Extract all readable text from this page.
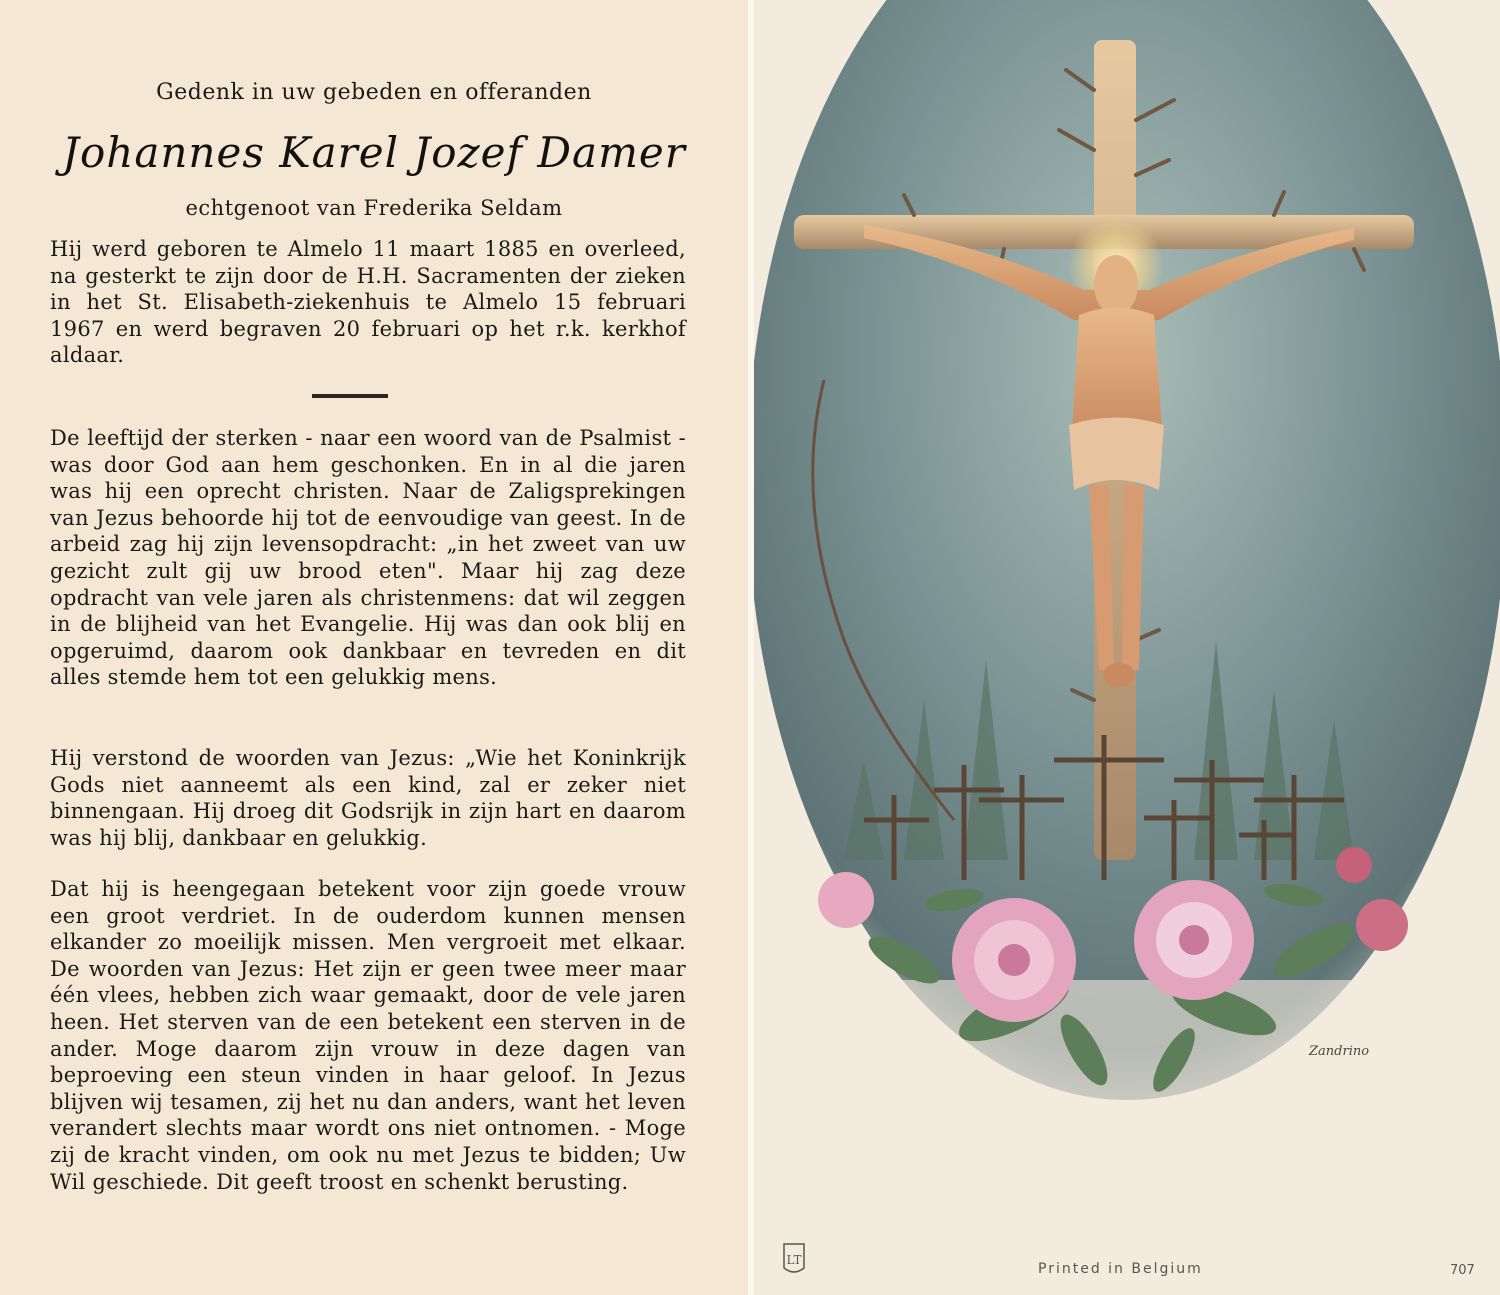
Gedenk in uw gebeden en offeranden
Johannes Karel Jozef Damer
echtgenoot van Frederika Seldam
Hij werd geboren te Almelo 11 maart 1885 en overleed, na gesterkt te zijn door de H.H. Sacramenten der zieken in het St. Elisabeth-ziekenhuis te Almelo 15 februari 1967 en werd begraven 20 februari op het r.k. kerkhof aldaar.
De leeftijd der sterken - naar een woord van de Psalmist - was door God aan hem geschonken. En in al die jaren was hij een oprecht christen. Naar de Zaligsprekingen van Jezus behoorde hij tot de eenvoudige van geest. In de arbeid zag hij zijn levensopdracht: „in het zweet van uw gezicht zult gij uw brood eten". Maar hij zag deze opdracht van vele jaren als christenmens: dat wil zeggen in de blijheid van het Evangelie. Hij was dan ook blij en opgeruimd, daarom ook dankbaar en tevreden en dit alles stemde hem tot een gelukkig mens.
Hij verstond de woorden van Jezus: „Wie het Koninkrijk Gods niet aanneemt als een kind, zal er zeker niet binnengaan. Hij droeg dit Godsrijk in zijn hart en daarom was hij blij, dankbaar en gelukkig.
Dat hij is heengegaan betekent voor zijn goede vrouw een groot verdriet. In de ouderdom kunnen mensen elkander zo moeilijk missen. Men vergroeit met elkaar. De woorden van Jezus: Het zijn er geen twee meer maar één vlees, hebben zich waar gemaakt, door de vele jaren heen. Het sterven van de een betekent een sterven in de ander. Moge daarom zijn vrouw in deze dagen van beproeving een steun vinden in haar geloof. In Jezus blijven wij tesamen, zij het nu dan anders, want het leven verandert slechts maar wordt ons niet ontnomen. - Moge zij de kracht vinden, om ook nu met Jezus te bidden; Uw Wil geschiede. Dit geeft troost en schenkt berusting.
Zandrino
LT
Printed in Belgium	707
